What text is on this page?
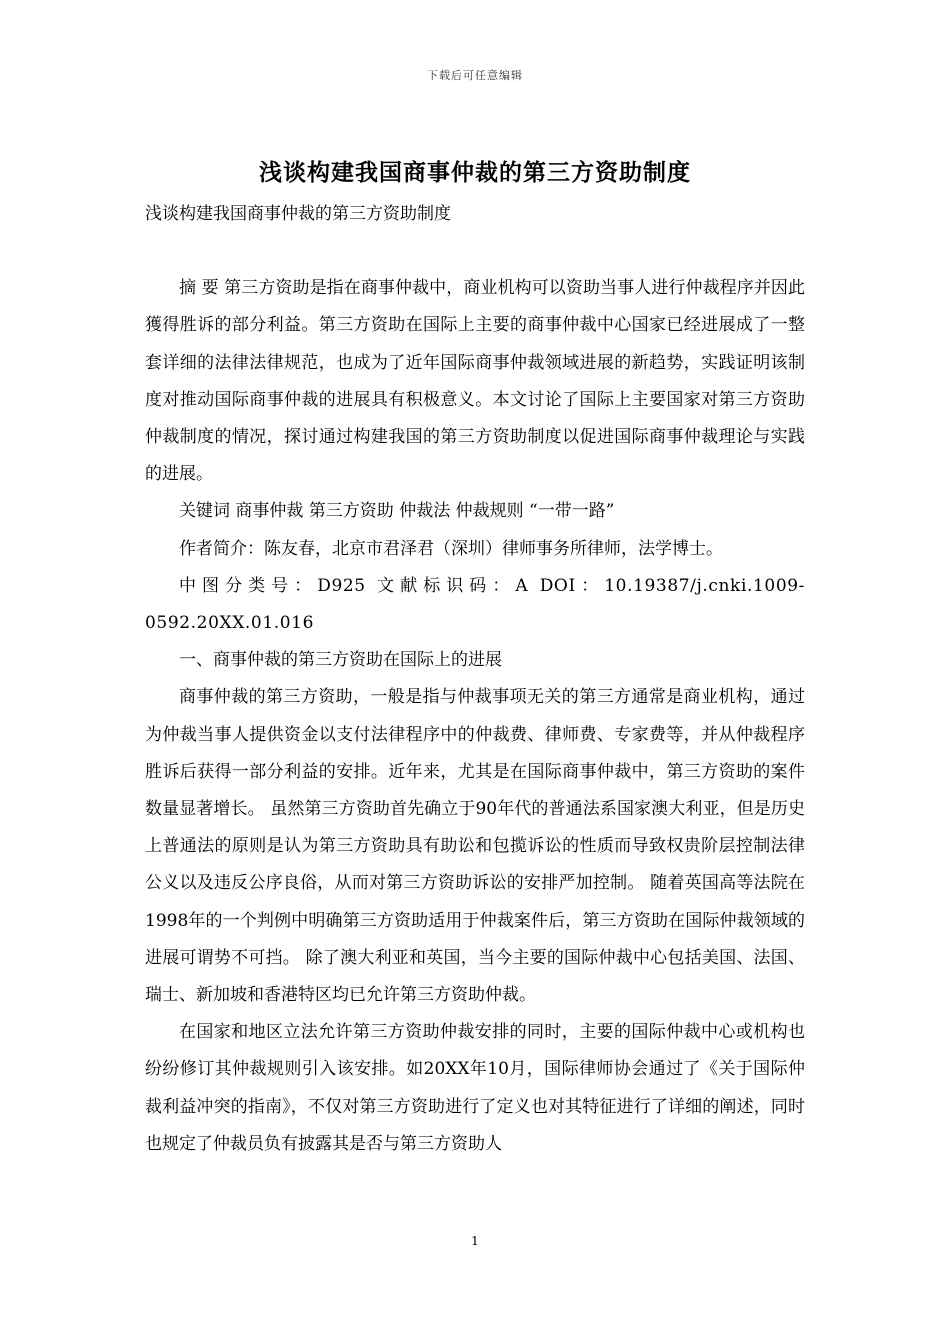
下载后可任意编辑
浅谈构建我国商事仲裁的第三方资助制度

浅谈构建我国商事仲裁的第三方资助制度

摘 要 第三方资助是指在商事仲裁中，商业机构可以资助当事人进行仲裁程序并因此獲得胜诉的部分利益。第三方资助在国际上主要的商事仲裁中心国家已经进展成了一整套详细的法律法律规范，也成为了近年国际商事仲裁领域进展的新趋势，实践证明该制度对推动国际商事仲裁的进展具有积极意义。本文讨论了国际上主要国家对第三方资助仲裁制度的情况，探讨通过构建我国的第三方资助制度以促进国际商事仲裁理论与实践的进展。

关键词 商事仲裁 第三方资助 仲裁法 仲裁规则 “一带一路”

作者简介：陈友春，北京市君泽君（深圳）律师事务所律师，法学博士。

中图分类号：D925 文献标识码：A DOI：10.19387/j.cnki.1009-0592.20XX.01.016

一、商事仲裁的第三方资助在国际上的进展

商事仲裁的第三方资助，一般是指与仲裁事项无关的第三方通常是商业机构，通过为仲裁当事人提供资金以支付法律程序中的仲裁费、律师费、专家费等，并从仲裁程序胜诉后获得一部分利益的安排。近年来，尤其是在国际商事仲裁中，第三方资助的案件数量显著增长。 虽然第三方资助首先确立于90年代的普通法系国家澳大利亚，但是历史上普通法的原则是认为第三方资助具有助讼和包揽诉讼的性质而导致权贵阶层控制法律公义以及违反公序良俗，从而对第三方资助诉讼的安排严加控制。 随着英国高等法院在1998年的一个判例中明确第三方资助适用于仲裁案件后，第三方资助在国际仲裁领域的进展可谓势不可挡。 除了澳大利亚和英国，当今主要的国际仲裁中心包括美国、法国、瑞士、新加坡和香港特区均已允许第三方资助仲裁。

在国家和地区立法允许第三方资助仲裁安排的同时，主要的国际仲裁中心或机构也纷纷修订其仲裁规则引入该安排。如20XX年10月，国际律师协会通过了《关于国际仲裁利益冲突的指南》，不仅对第三方资助进行了定义也对其特征进行了详细的阐述，同时也规定了仲裁员负有披露其是否与第三方资助人

1
